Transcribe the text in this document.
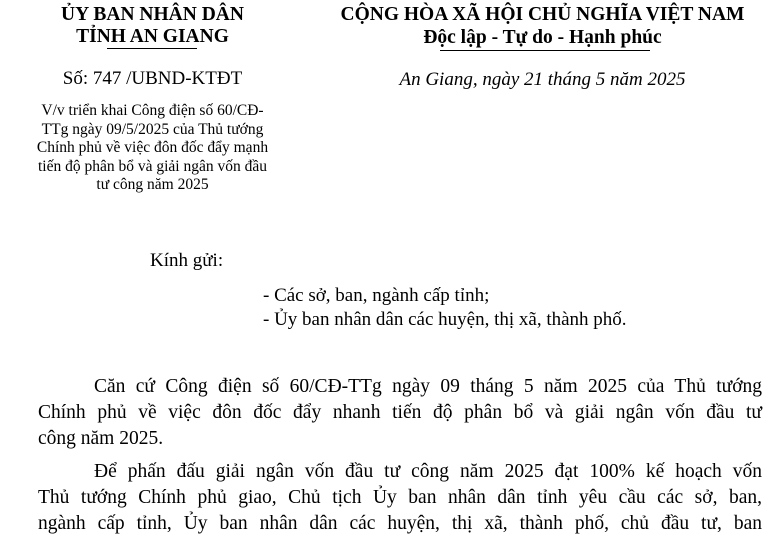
ỦY BAN NHÂN DÂN
TỈNH AN GIANG
CỘNG HÒA XÃ HỘI CHỦ NGHĨA VIỆT NAM
Độc lập - Tự do - Hạnh phúc
Số: 747 /UBND-KTĐT	An Giang, ngày 21 tháng 5 năm 2025
V/v triển khai Công điện số 60/CĐ-
TTg ngày 09/5/2025 của Thủ tướng
Chính phủ về việc đôn đốc đẩy mạnh
tiến độ phân bổ và giải ngân vốn đầu
tư công năm 2025
Kính gửi:
- Các sở, ban, ngành cấp tỉnh;
- Ủy ban nhân dân các huyện, thị xã, thành phố.
Căn cứ Công điện số 60/CĐ-TTg ngày 09 tháng 5 năm 2025 của Thủ tướng
Chính phủ về việc đôn đốc đẩy nhanh tiến độ phân bổ và giải ngân vốn đầu tư
công năm 2025.
Để phấn đấu giải ngân vốn đầu tư công năm 2025 đạt 100% kế hoạch vốn
Thủ tướng Chính phủ giao, Chủ tịch Ủy ban nhân dân tỉnh yêu cầu các sở, ban,
ngành cấp tỉnh, Ủy ban nhân dân các huyện, thị xã, thành phố, chủ đầu tư, ban
